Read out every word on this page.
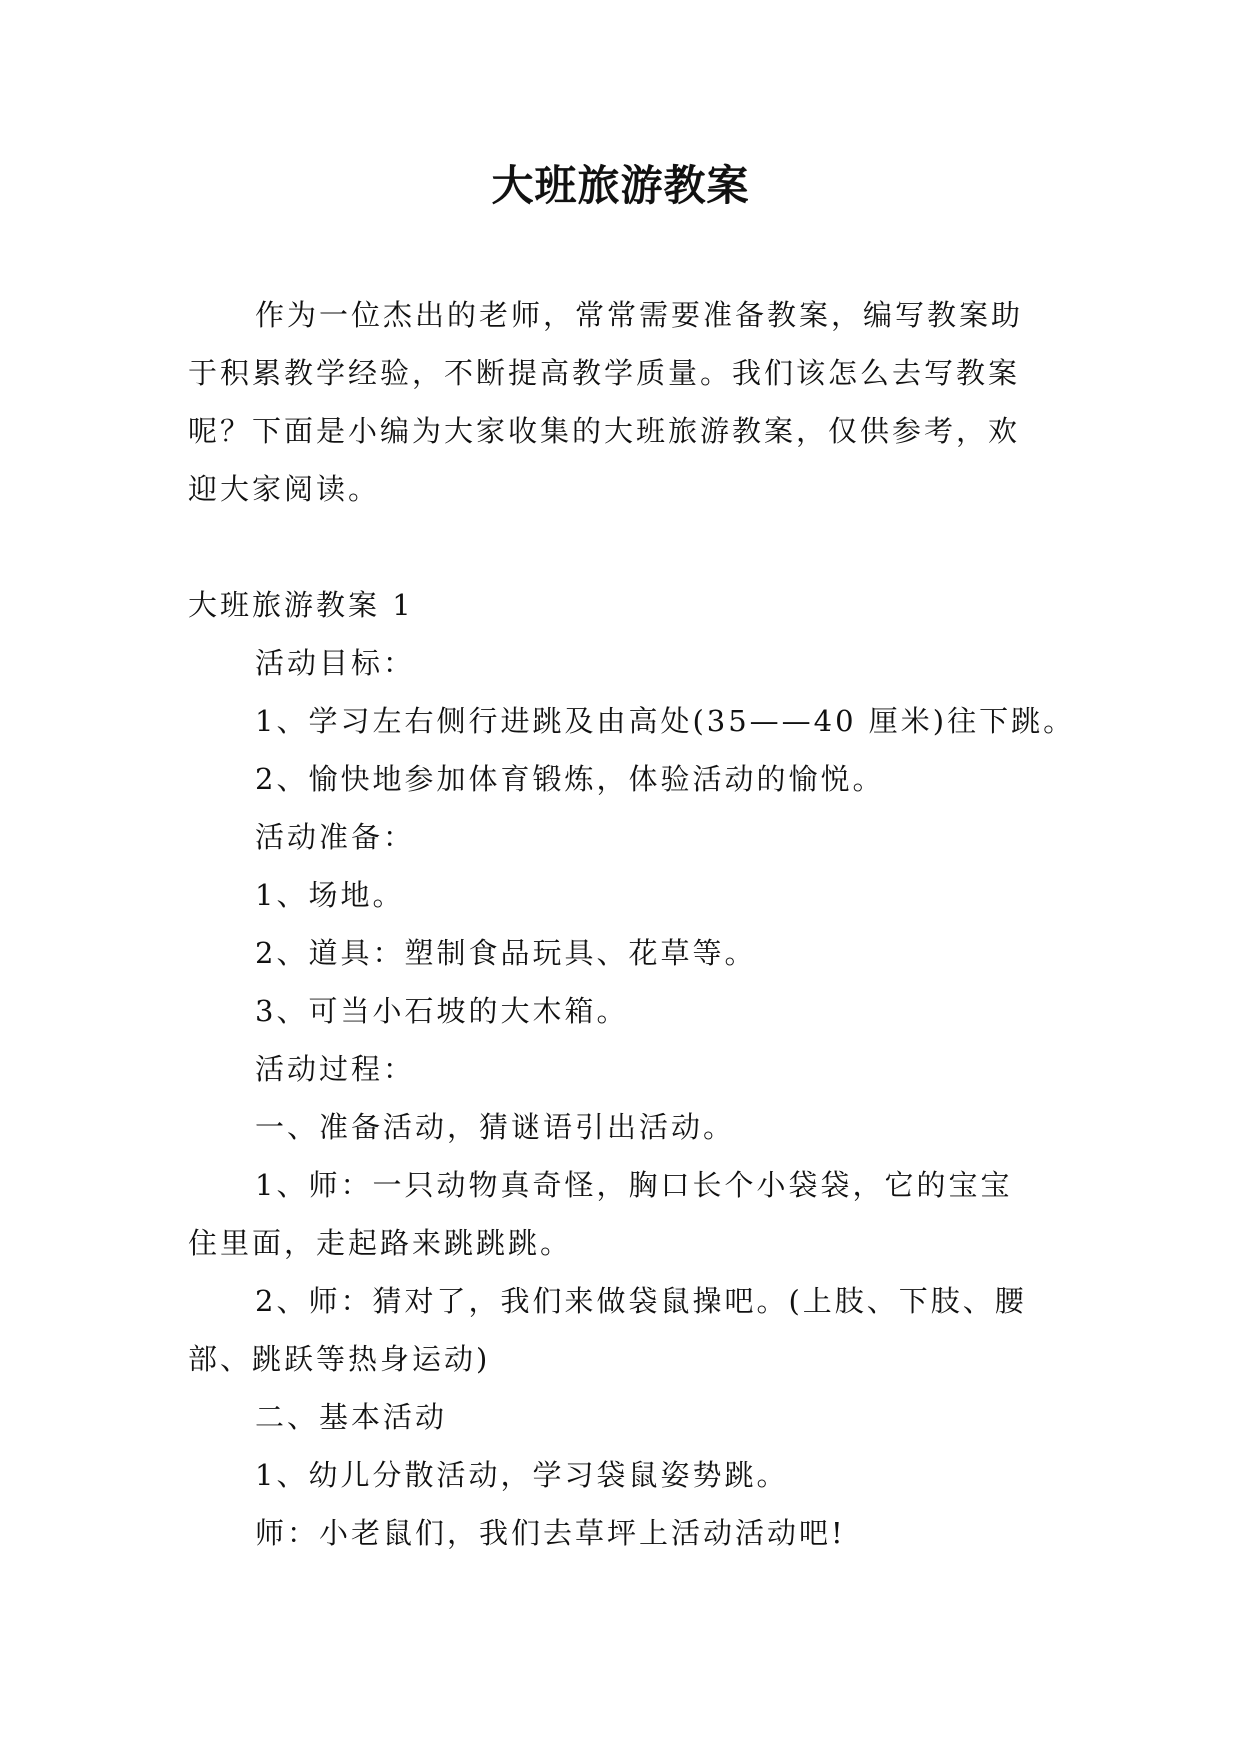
大班旅游教案

作为一位杰出的老师，常常需要准备教案，编写教案助

于积累教学经验，不断提高教学质量。我们该怎么去写教案

呢？下面是小编为大家收集的大班旅游教案，仅供参考，欢

迎大家阅读。

大班旅游教案 1

活动目标：

1、学习左右侧行进跳及由高处(35——40 厘米)往下跳。

2、愉快地参加体育锻炼，体验活动的愉悦。

活动准备：

1、场地。

2、道具：塑制食品玩具、花草等。

3、可当小石坡的大木箱。

活动过程：

一、准备活动，猜谜语引出活动。

1、师：一只动物真奇怪，胸口长个小袋袋，它的宝宝

住里面，走起路来跳跳跳。

2、师：猜对了，我们来做袋鼠操吧。(上肢、下肢、腰

部、跳跃等热身运动)

二、基本活动

1、幼儿分散活动，学习袋鼠姿势跳。

师：小老鼠们，我们去草坪上活动活动吧!
